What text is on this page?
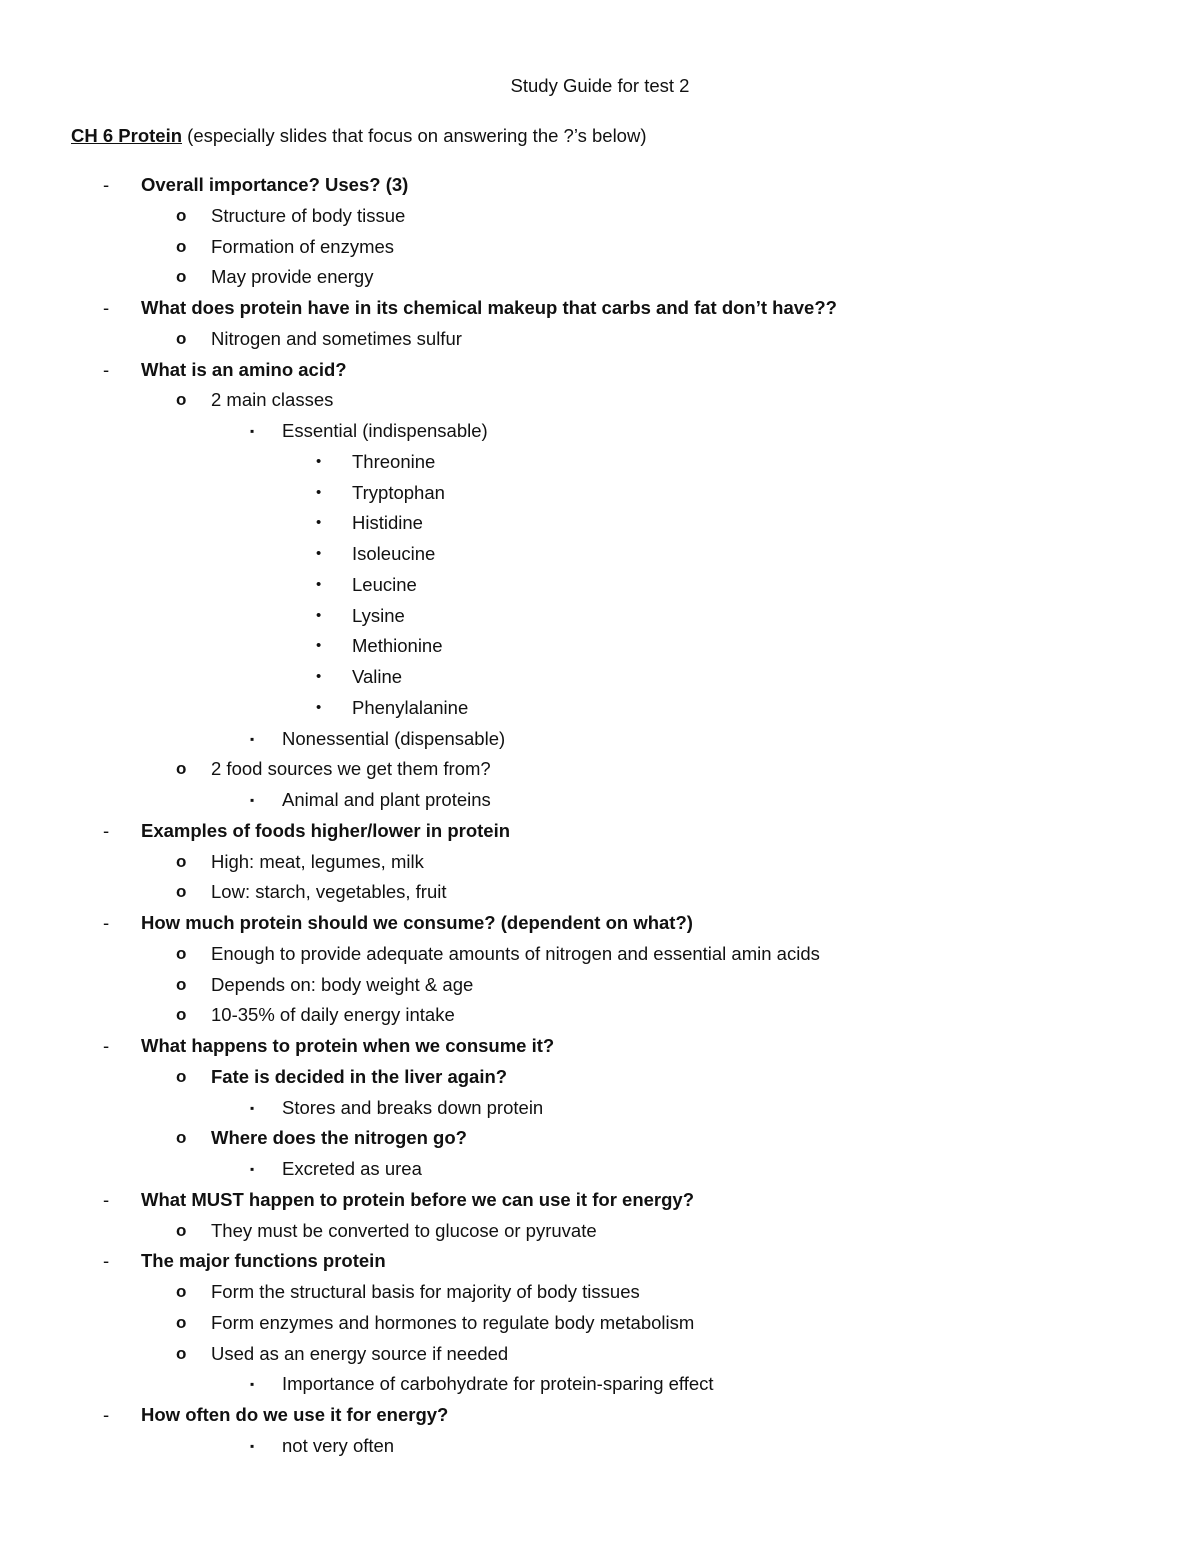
Study Guide for test 2
CH 6 Protein (especially slides that focus on answering the ?’s below)
- Overall importance? Uses? (3)
o Structure of body tissue
o Formation of enzymes
o May provide energy
- What does protein have in its chemical makeup that carbs and fat don’t have??
o Nitrogen and sometimes sulfur
- What is an amino acid?
o 2 main classes
▪ Essential (indispensable)
• Threonine
• Tryptophan
• Histidine
• Isoleucine
• Leucine
• Lysine
• Methionine
• Valine
• Phenylalanine
▪ Nonessential (dispensable)
o 2 food sources we get them from?
▪ Animal and plant proteins
- Examples of foods higher/lower in protein
o High: meat, legumes, milk
o Low: starch, vegetables, fruit
- How much protein should we consume? (dependent on what?)
o Enough to provide adequate amounts of nitrogen and essential amin acids
o Depends on: body weight & age
o 10-35% of daily energy intake
- What happens to protein when we consume it?
o Fate is decided in the liver again?
▪ Stores and breaks down protein
o Where does the nitrogen go?
▪ Excreted as urea
- What MUST happen to protein before we can use it for energy?
o They must be converted to glucose or pyruvate
- The major functions protein
o Form the structural basis for majority of body tissues
o Form enzymes and hormones to regulate body metabolism
o Used as an energy source if needed
▪ Importance of carbohydrate for protein-sparing effect
- How often do we use it for energy?
▪ not very often
